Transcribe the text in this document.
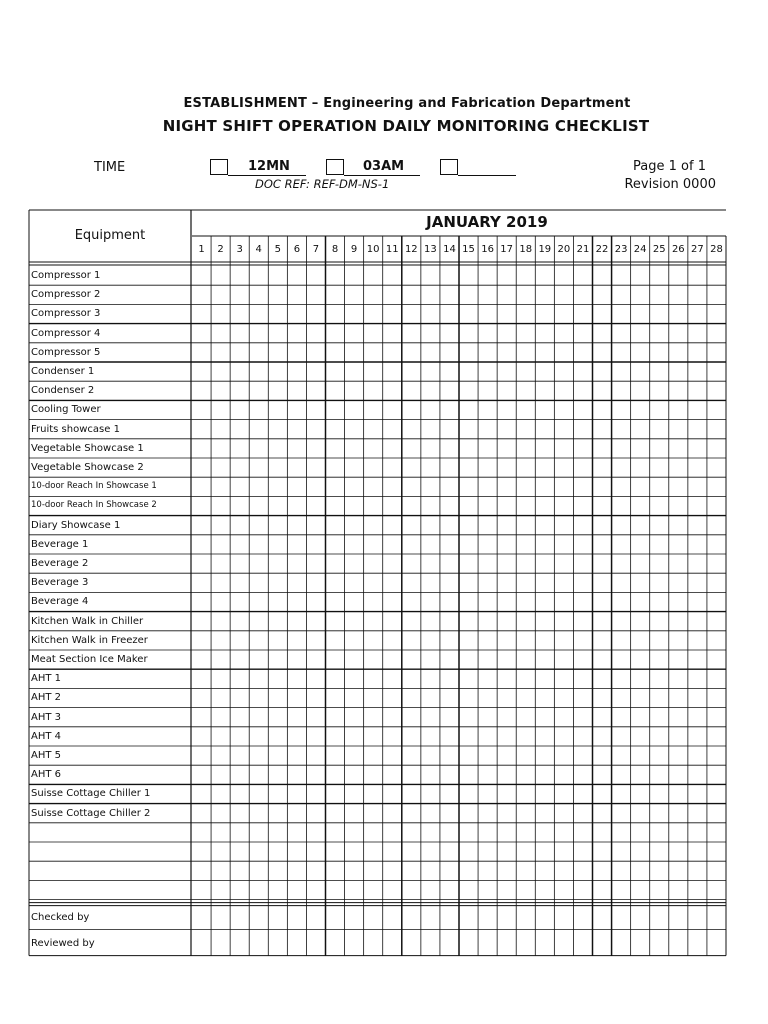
ESTABLISHMENT – Engineering and Fabrication Department
NIGHT SHIFT OPERATION DAILY MONITORING CHECKLIST
TIME	12MN	03AM
DOC REF: REF-DM-NS-1
Page 1 of 1
Revision 0000
JANUARY 2019
Equipment
1	2	3	4	5	6	7	8	9 10 11 12 13 14 15 16 17 18 19 20 21 22 23 24 25 26 27 28
Compressor 1
Compressor 2
Compressor 3
Compressor 4
Compressor 5
Condenser 1
Condenser 2
Cooling Tower
Fruits showcase 1
Vegetable Showcase 1
Vegetable Showcase 2
10-door Reach In Showcase 1
10-door Reach In Showcase 2
Diary Showcase 1
Beverage 1
Beverage 2
Beverage 3
Beverage 4
Kitchen Walk in Chiller
Kitchen Walk in Freezer
Meat Section Ice Maker
AHT 1
AHT 2
AHT 3
AHT 4
AHT 5
AHT 6
Suisse Cottage Chiller 1
Suisse Cottage Chiller 2
Checked by
Reviewed by
